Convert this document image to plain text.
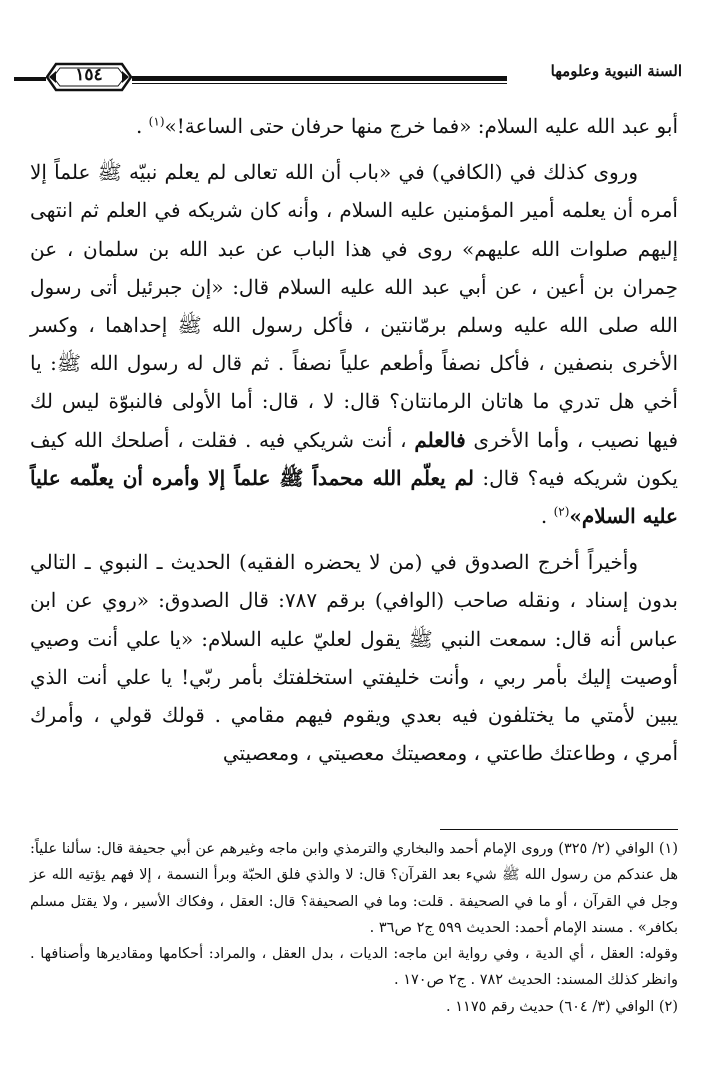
السنة النبوية وعلومها
١٥٤

أبو عبد الله عليه السلام: «فما خرج منها حرفان حتى الساعة!»$^{(١)}$ .

وروى كذلك في (الكافي) في «باب أن الله تعالى لم يعلم نبيّه ﷺ علماً إلا أمره أن يعلمه أمير المؤمنين عليه السلام ، وأنه كان شريكه في العلم ثم انتهى إليهم صلوات الله عليهم» روى في هذا الباب عن عبد الله بن سلمان ، عن حِمران بن أعين ، عن أبي عبد الله عليه السلام قال: «إن جبرئيل أتى رسول الله صلى الله عليه وسلم برمّانتين ، فأكل رسول الله ﷺ إحداهما ، وكسر الأخرى بنصفين ، فأكل نصفاً وأطعم علياً نصفاً . ثم قال له رسول الله ﷺ: يا أخي هل تدري ما هاتان الرمانتان؟ قال: لا ، قال: أما الأولى فالنبوّة ليس لك فيها نصيب ، وأما الأخرى فالعلم ، أنت شريكي فيه . فقلت ، أصلحك الله كيف يكون شريكه فيه؟ قال: لم يعلّم الله محمداً ﷺ علماً إلا وأمره أن يعلّمه علياً عليه السلام»$^{(٢)}$ .

وأخيراً أخرج الصدوق في (من لا يحضره الفقيه) الحديث ـ النبوي ـ التالي بدون إسناد ، ونقله صاحب (الوافي) برقم ٧٨٧: قال الصدوق: «روي عن ابن عباس أنه قال: سمعت النبي ﷺ يقول لعليّ عليه السلام: «يا علي أنت وصيي أوصيت إليك بأمر ربي ، وأنت خليفتي استخلفتك بأمر ربّي! يا علي أنت الذي يبين لأمتي ما يختلفون فيه بعدي ويقوم فيهم مقامي . قولك قولي ، وأمرك أمري ، وطاعتك طاعتي ، ومعصيتك معصيتي ، ومعصيتي

(١) الوافي (٢/ ٣٢٥) وروى الإمام أحمد والبخاري والترمذي وابن ماجه وغيرهم عن أبي جحيفة قال: سألنا علياً: هل عندكم من رسول الله ﷺ شيء بعد القرآن؟ قال: لا والذي فلق الحبّة وبرأ النسمة ، إلا فهم يؤتيه الله عز وجل في القرآن ، أو ما في الصحيفة . قلت: وما في الصحيفة؟ قال: العقل ، وفكاك الأسير ، ولا يقتل مسلم بكافر» . مسند الإمام أحمد: الحديث ٥٩٩ ج٢ ص٣٦ .

وقوله: العقل ، أي الدية ، وفي رواية ابن ماجه: الديات ، بدل العقل ، والمراد: أحكامها ومقاديرها وأصنافها . وانظر كذلك المسند: الحديث ٧٨٢ . ج٢ ص١٧٠ .

(٢) الوافي (٣/ ٦٠٤) حديث رقم ١١٧٥ .
